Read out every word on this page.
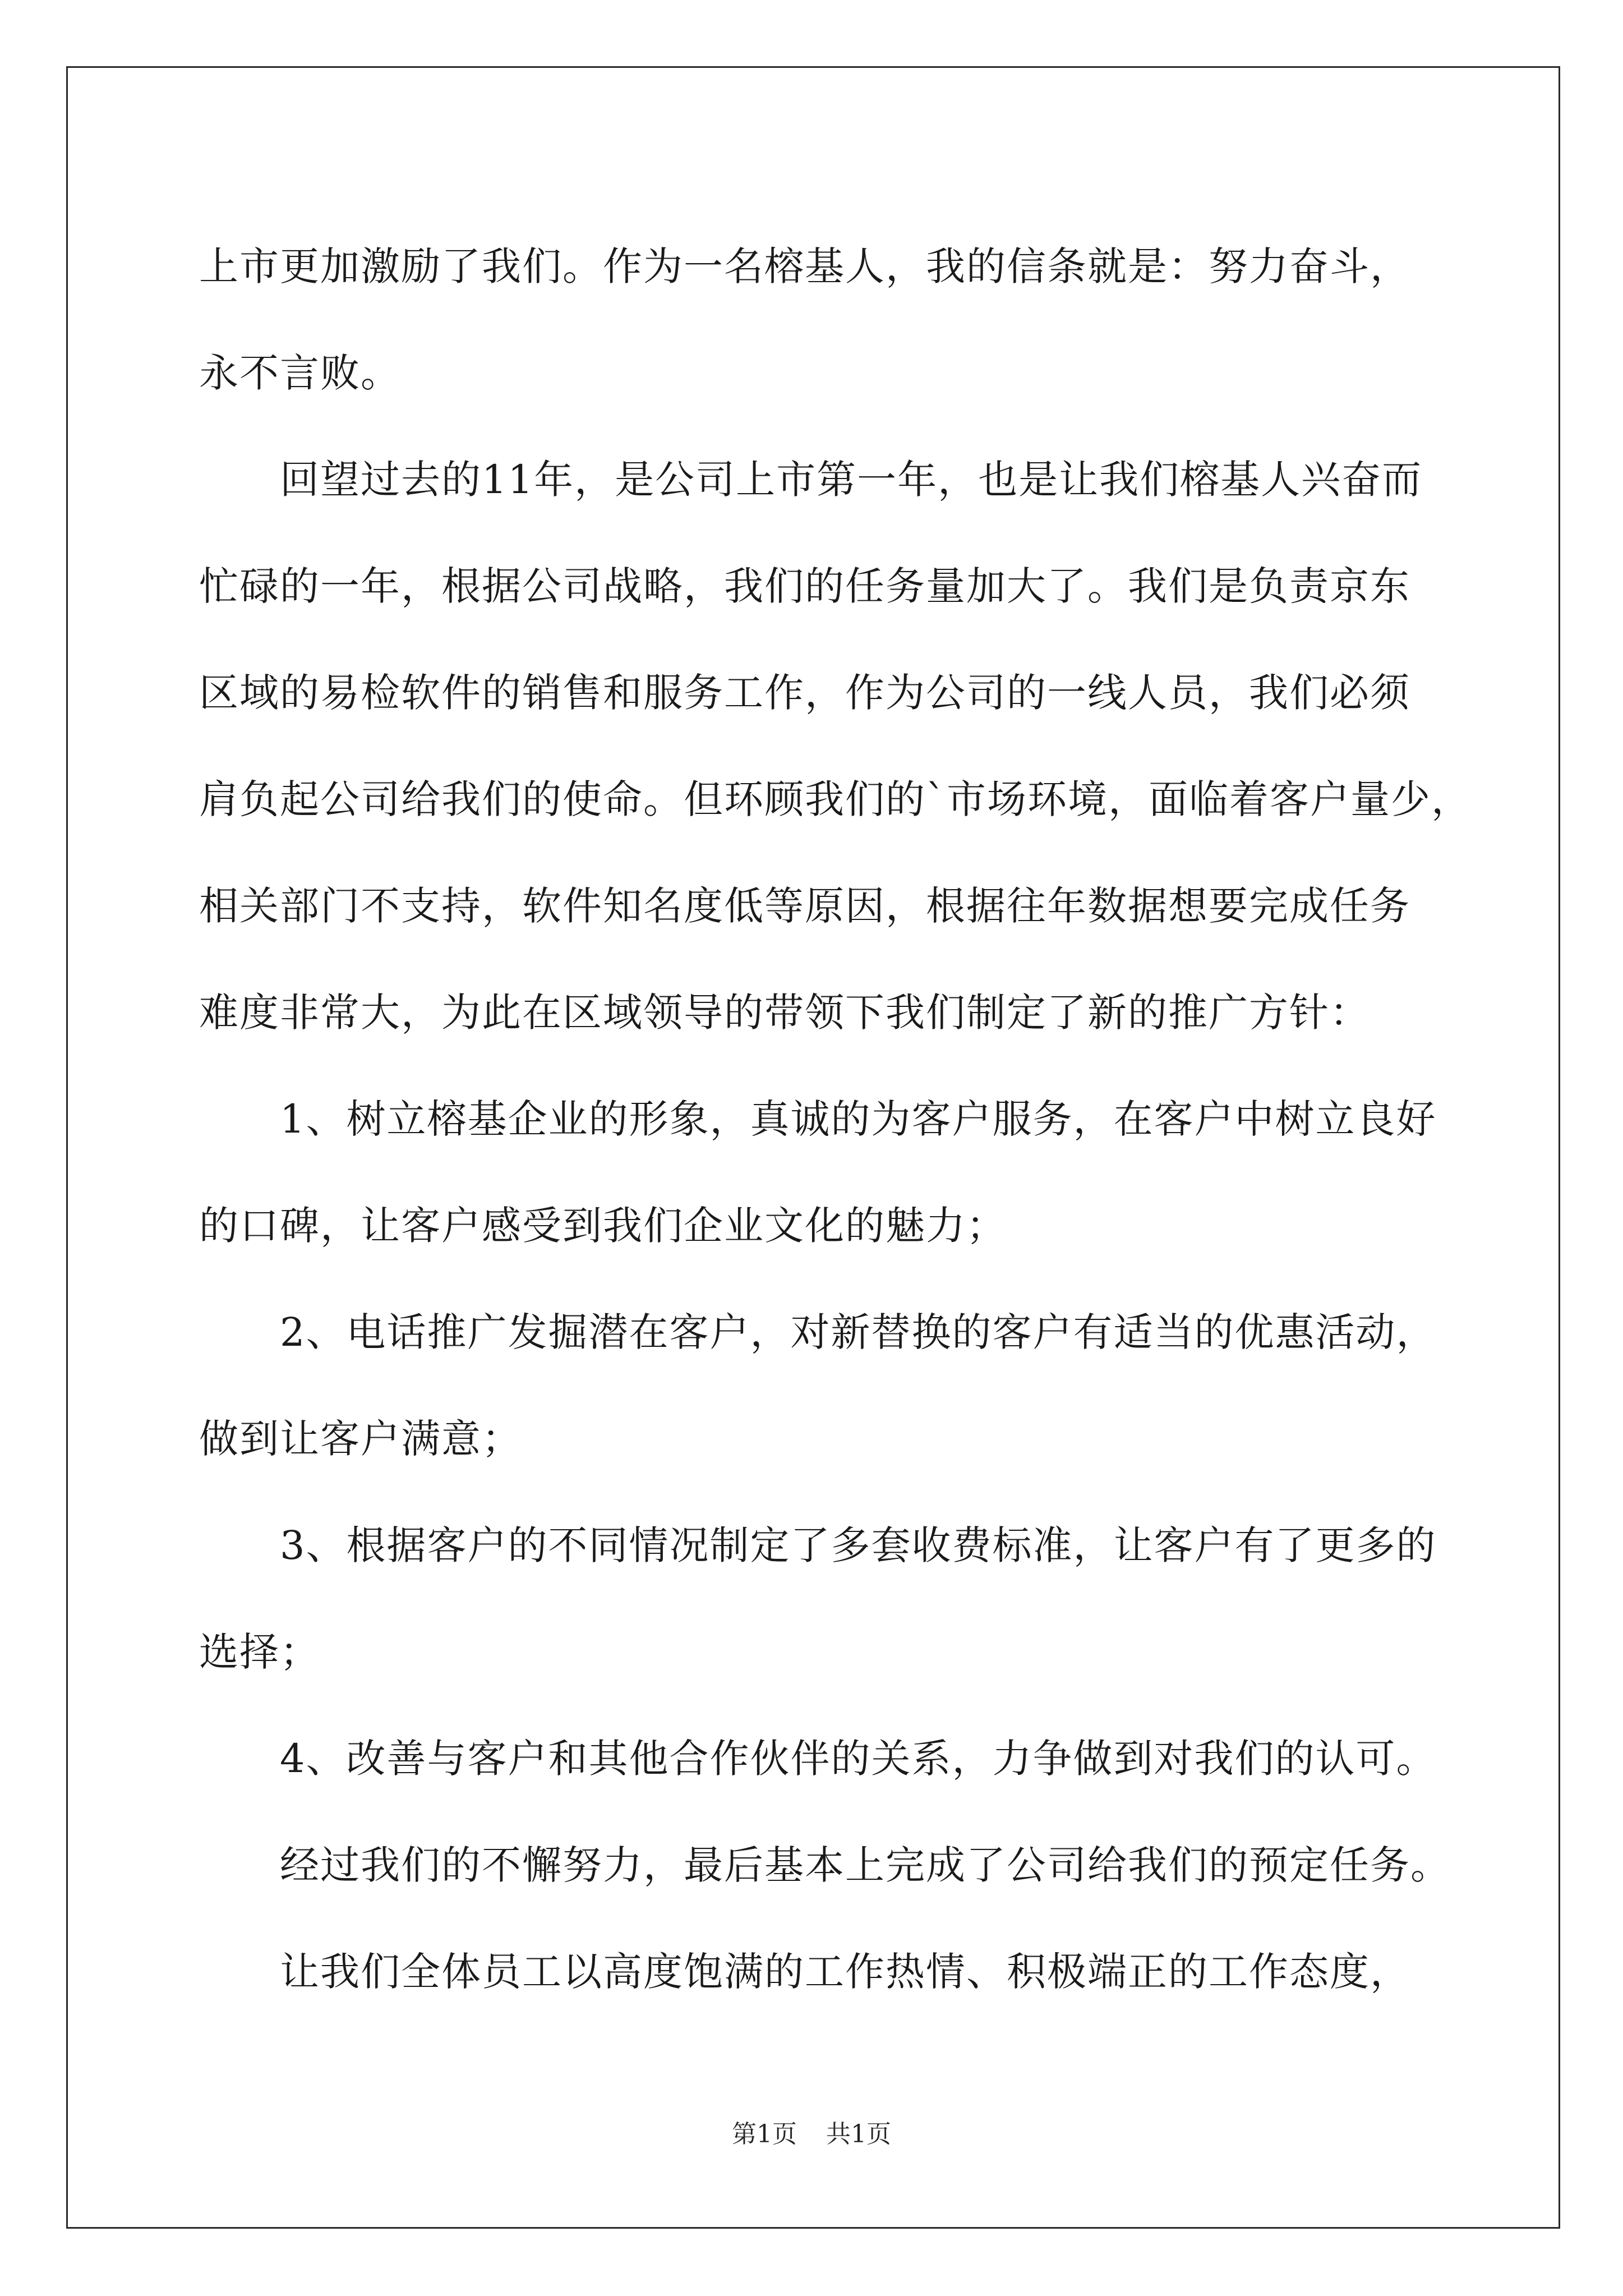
上市更加激励了我们。作为一名榕基人，我的信条就是：努力奋斗，

永不言败。

　　回望过去的11年，是公司上市第一年，也是让我们榕基人兴奋而

忙碌的一年，根据公司战略，我们的任务量加大了。我们是负责京东

区域的易检软件的销售和服务工作，作为公司的一线人员，我们必须

肩负起公司给我们的使命。但环顾我们的`市场环境，面临着客户量少，

相关部门不支持，软件知名度低等原因，根据往年数据想要完成任务

难度非常大，为此在区域领导的带领下我们制定了新的推广方针：

　　1、树立榕基企业的形象，真诚的为客户服务，在客户中树立良好

的口碑，让客户感受到我们企业文化的魅力；

　　2、电话推广发掘潜在客户，对新替换的客户有适当的优惠活动，

做到让客户满意；

　　3、根据客户的不同情况制定了多套收费标准，让客户有了更多的

选择；

　　4、改善与客户和其他合作伙伴的关系，力争做到对我们的认可。

　　经过我们的不懈努力，最后基本上完成了公司给我们的预定任务。

　　让我们全体员工以高度饱满的工作热情、积极端正的工作态度，

第1页 共1页
